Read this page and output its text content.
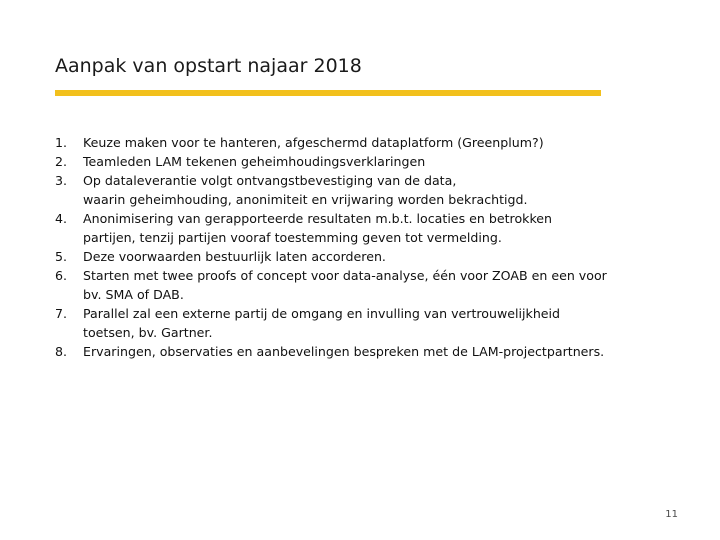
Aanpak van opstart najaar 2018
1.	Keuze maken voor te hanteren, afgeschermd dataplatform (Greenplum?)
2.	Teamleden LAM tekenen geheimhoudingsverklaringen
3.	Op dataleverantie volgt ontvangstbevestiging van de data,
waarin geheimhouding, anonimiteit en vrijwaring worden bekrachtigd.
4.	Anonimisering van gerapporteerde resultaten m.b.t. locaties en betrokken
partijen, tenzij partijen vooraf toestemming geven tot vermelding.
5.	Deze voorwaarden bestuurlijk laten accorderen.
6.	Starten met twee proofs of concept voor data-analyse, één voor ZOAB en een voor
bv. SMA of DAB.
7.	Parallel zal een externe partij de omgang en invulling van vertrouwelijkheid
toetsen, bv. Gartner.
8.	Ervaringen, observaties en aanbevelingen bespreken met de LAM-projectpartners.
11
